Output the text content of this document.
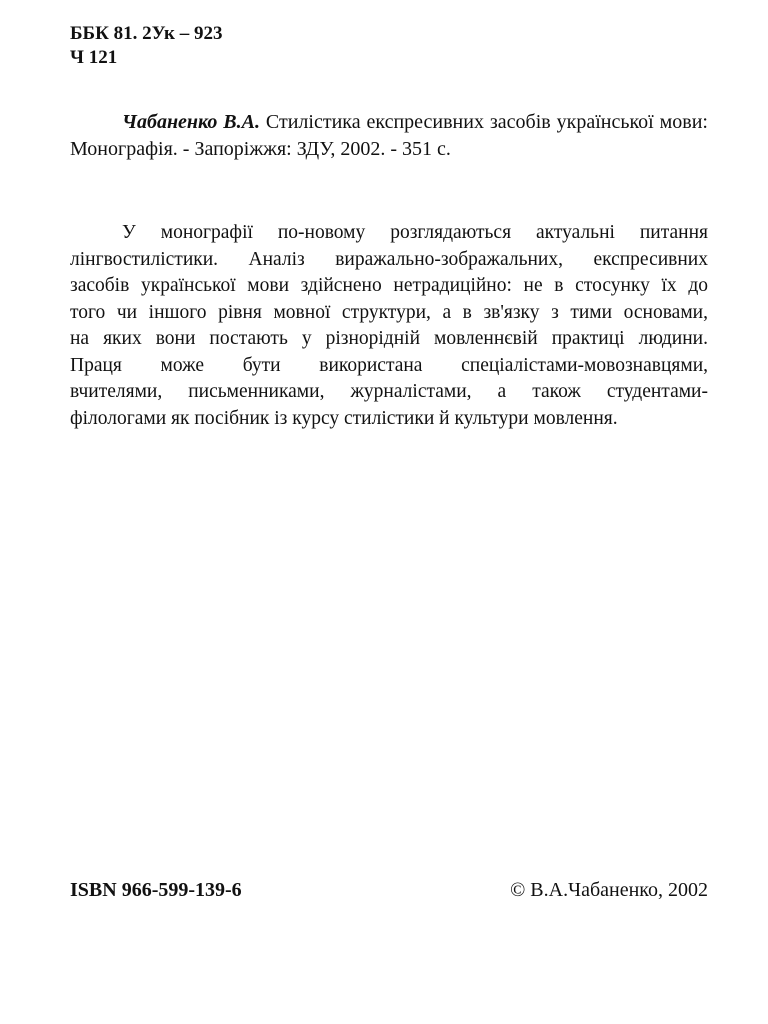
ББК 81. 2Ук – 923
Ч 121
Чабаненко В.А. Стилістика експресивних засобів української мови: Монографія. - Запоріжжя: ЗДУ, 2002. - 351 с.
У монографії по-новому розглядаються актуальні питання
лінгвостилістики. Аналіз виражально-зображальних, експресивних
засобів української мови здійснено нетрадиційно: не в стосунку їх до
того чи іншого рівня мовної структури, а в зв'язку з тими основами,
на яких вони постають у різнорідній мовленнєвій практиці людини.
Праця може бути використана спеціалістами-мовознавцями,
вчителями, письменниками, журналістами, а також студентами-
філологами як посібник із курсу стилістики й культури мовлення.
ISBN 966-599-139-6	© В.А.Чабаненко, 2002
